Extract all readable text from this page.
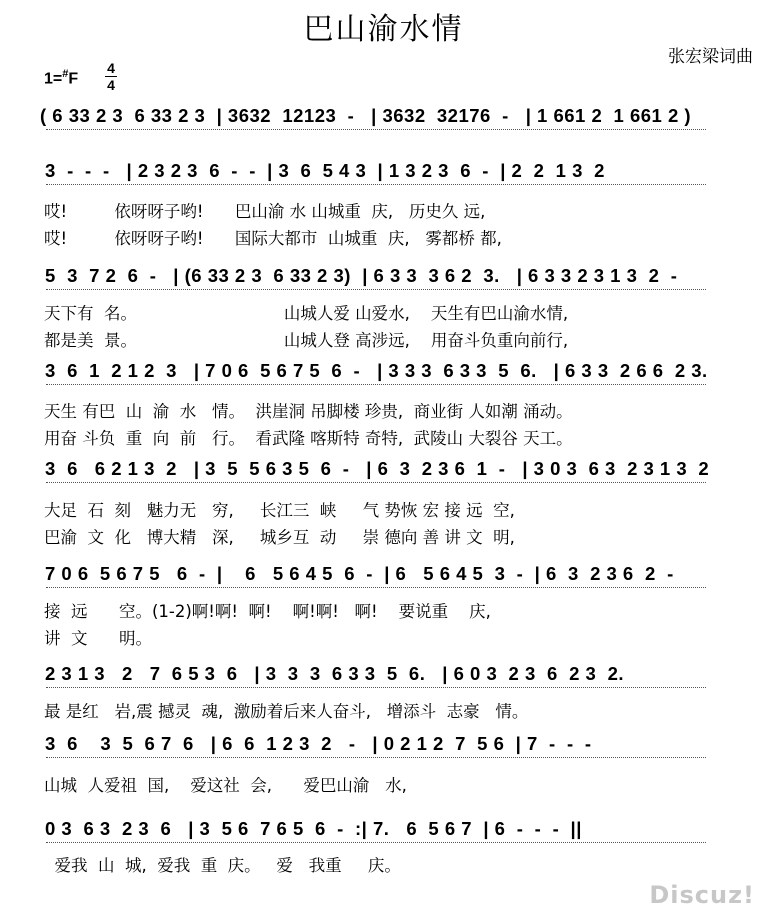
巴山渝水情
张宏梁词曲
1=#F
4
4
( 6 33 2 3  6 33 2 3  | 3632  12123  -   | 3632  32176  -   | 1 661 2  1 661 2 )
3  -  -  -   | 2 3 2 3  6  -  -  | 3  6  5 4 3  | 1 3 2 3  6  -  | 2  2  1 3  2
哎!         依呀呀子哟!      巴山渝 水 山城重  庆,   历史久 远,
哎!         依呀呀子哟!      国际大都市  山城重  庆,   雾都桥 都,
5  3  7 2  6  -   | (6 33 2 3  6 33 2 3)  | 6 3 3  3 6 2  3.   | 6 3 3 2 3 1 3  2  -
天下有  名。                            山城人爱 山爱水,    天生有巴山渝水情,
都是美  景。                            山城人登 高涉远,    用奋斗负重向前行,
3  6  1  2 1 2  3   | 7 0 6  5 6 7 5  6  -   | 3 3 3  6 3 3  5  6.   | 6 3 3  2 6 6  2 3.
天生 有巴  山  渝  水   情。  洪崖洞 吊脚楼 珍贵,  商业街 人如潮 涌动。
用奋 斗负  重  向  前   行。  看武隆 喀斯特 奇特,  武陵山 大裂谷 天工。
3  6   6 2 1 3  2   | 3  5  5 6 3 5  6  -   | 6  3  2 3 6  1  -   | 3 0 3  6 3  2 3 1 3  2
大足  石  刻   魅力无   穷,     长江三  峡     气 势恢 宏 接 远  空,
巴渝  文  化   博大精   深,     城乡互  动     崇 德向 善 讲 文  明,
7 0 6  5 6 7 5   6  -  |    6   5 6 4 5  6  -  | 6   5 6 4 5  3  -  | 6  3  2 3 6  2  -
接  远      空。(1-2)啊!啊!  啊!    啊!啊!   啊!    要说重    庆,
讲  文      明。
2 3 1 3   2   7  6 5 3  6   | 3  3  3  6 3 3  5  6.   | 6 0 3  2 3  6  2 3  2.
最 是红   岩,震 撼灵  魂,  激励着后来人奋斗,   增添斗  志豪   情。
3  6    3  5  6 7  6   | 6  6  1 2 3  2   -   | 0 2 1 2  7  5 6  | 7  -  -  -
山城  人爱祖  国,    爱这社  会,      爱巴山渝   水,
0 3  6 3  2 3  6   | 3  5 6  7 6 5  6  -  :| 7.   6  5 6 7  | 6  -  -  -  ||
爱我  山  城,  爱我  重  庆。   爱   我重     庆。
Discuz!
